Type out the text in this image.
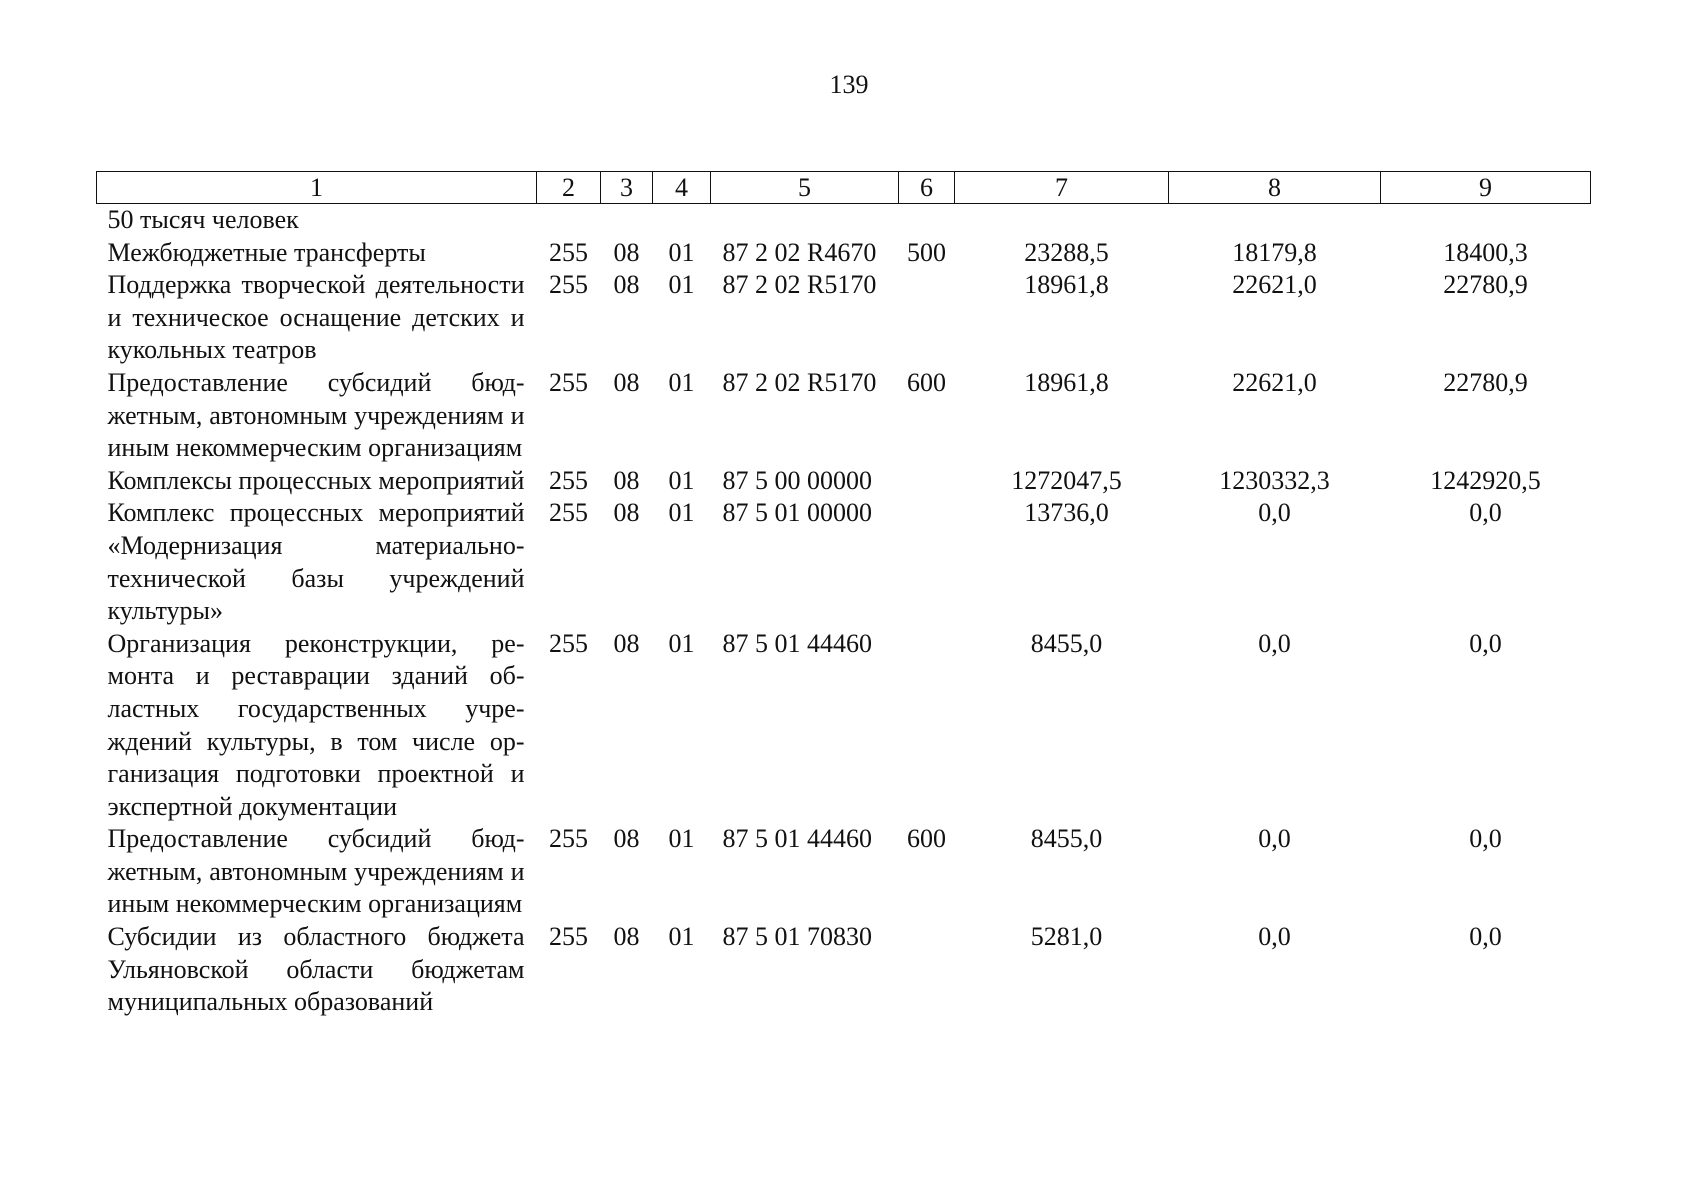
139
1	2	3	4	5	6	7	8	9
50 тысяч человек								
Межбюджетные трансферты	255	08	01	87 2 02 R4670	500	23288,5	18179,8	18400,3
Поддержка творческой деятельности и техническое оснащение детских и кукольных театров	255	08	01	87 2 02 R5170		18961,8	22621,0	22780,9
Предоставление субсидий бюджетным, автономным учреждениям и иным некоммерческим организациям	255	08	01	87 2 02 R5170	600	18961,8	22621,0	22780,9
Комплексы процессных мероприятий	255	08	01	87 5 00 00000		1272047,5	1230332,3	1242920,5
Комплекс процессных мероприятий «Модернизация материально-технической базы учреждений культуры»	255	08	01	87 5 01 00000		13736,0	0,0	0,0
Организация реконструкции, ремонта и реставрации зданий областных государственных учреждений культуры, в том числе организация подготовки проектной и экспертной документации	255	08	01	87 5 01 44460		8455,0	0,0	0,0
Предоставление субсидий бюджетным, автономным учреждениям и иным некоммерческим организациям	255	08	01	87 5 01 44460	600	8455,0	0,0	0,0
Субсидии из областного бюджета Ульяновской области бюджетам муниципальных образований	255	08	01	87 5 01 70830		5281,0	0,0	0,0
